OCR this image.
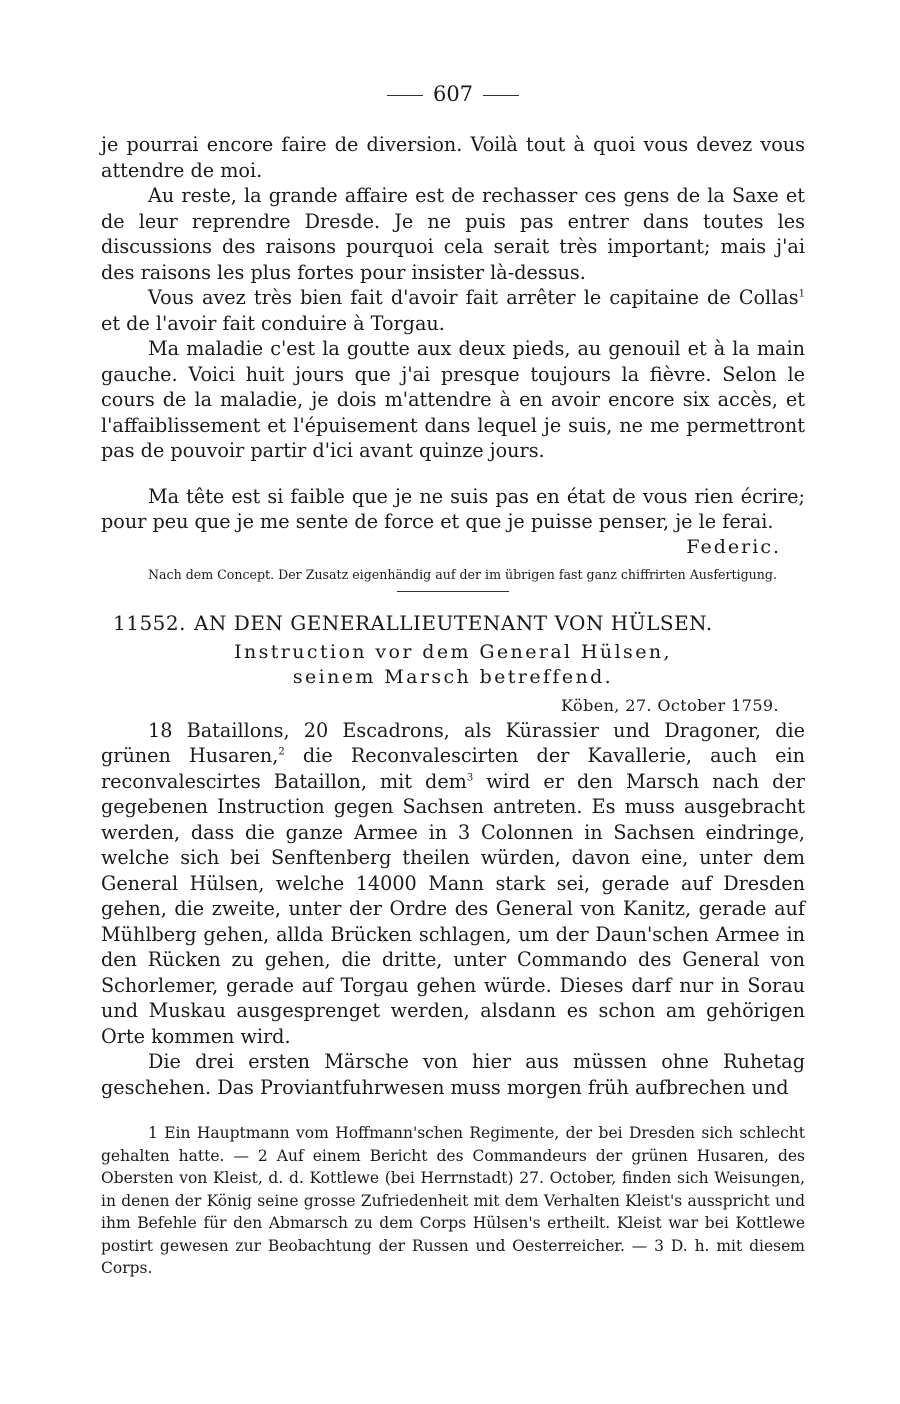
607

je pourrai encore faire de diversion. Voilà tout à quoi vous devez vous attendre de moi.

Au reste, la grande affaire est de rechasser ces gens de la Saxe et de leur reprendre Dresde. Je ne puis pas entrer dans toutes les discussions des raisons pourquoi cela serait très important; mais j'ai des raisons les plus fortes pour insister là-dessus.

Vous avez très bien fait d'avoir fait arrêter le capitaine de Collas$^1$ et de l'avoir fait conduire à Torgau.

Ma maladie c'est la goutte aux deux pieds, au genouil et à la main gauche. Voici huit jours que j'ai presque toujours la fièvre. Selon le cours de la maladie, je dois m'attendre à en avoir encore six accès, et l'affaiblissement et l'épuisement dans lequel je suis, ne me permettront pas de pouvoir partir d'ici avant quinze jours.

Ma tête est si faible que je ne suis pas en état de vous rien écrire; pour peu que je me sente de force et que je puisse penser, je le ferai.

Federic.
Nach dem Concept. Der Zusatz eigenhändig auf der im übrigen fast ganz chiffrirten Ausfertigung.
11552. AN DEN GENERALLIEUTENANT VON HÜLSEN.
Instruction vor dem General Hülsen,
seinem Marsch betreffend.
Köben, 27. October 1759.

18 Bataillons, 20 Escadrons, als Kürassier und Dragoner, die grünen Husaren,$^2$ die Reconvalescirten der Kavallerie, auch ein reconvalescirtes Bataillon, mit dem$^3$ wird er den Marsch nach der gegebenen Instruction gegen Sachsen antreten. Es muss ausgebracht werden, dass die ganze Armee in 3 Colonnen in Sachsen eindringe, welche sich bei Senftenberg theilen würden, davon eine, unter dem General Hülsen, welche 14000 Mann stark sei, gerade auf Dresden gehen, die zweite, unter der Ordre des General von Kanitz, gerade auf Mühlberg gehen, allda Brücken schlagen, um der Daun'schen Armee in den Rücken zu gehen, die dritte, unter Commando des General von Schorlemer, gerade auf Torgau gehen würde. Dieses darf nur in Sorau und Muskau ausgesprenget werden, alsdann es schon am gehörigen Orte kommen wird.

Die drei ersten Märsche von hier aus müssen ohne Ruhetag geschehen. Das Proviantfuhrwesen muss morgen früh aufbrechen und

1 Ein Hauptmann vom Hoffmann'schen Regimente, der bei Dresden sich schlecht gehalten hatte. — 2 Auf einem Bericht des Commandeurs der grünen Husaren, des Obersten von Kleist, d. d. Kottlewe (bei Herrnstadt) 27. October, finden sich Weisungen, in denen der König seine grosse Zufriedenheit mit dem Verhalten Kleist's ausspricht und ihm Befehle für den Abmarsch zu dem Corps Hülsen's ertheilt. Kleist war bei Kottlewe postirt gewesen zur Beobachtung der Russen und Oesterreicher. — 3 D. h. mit diesem Corps.
